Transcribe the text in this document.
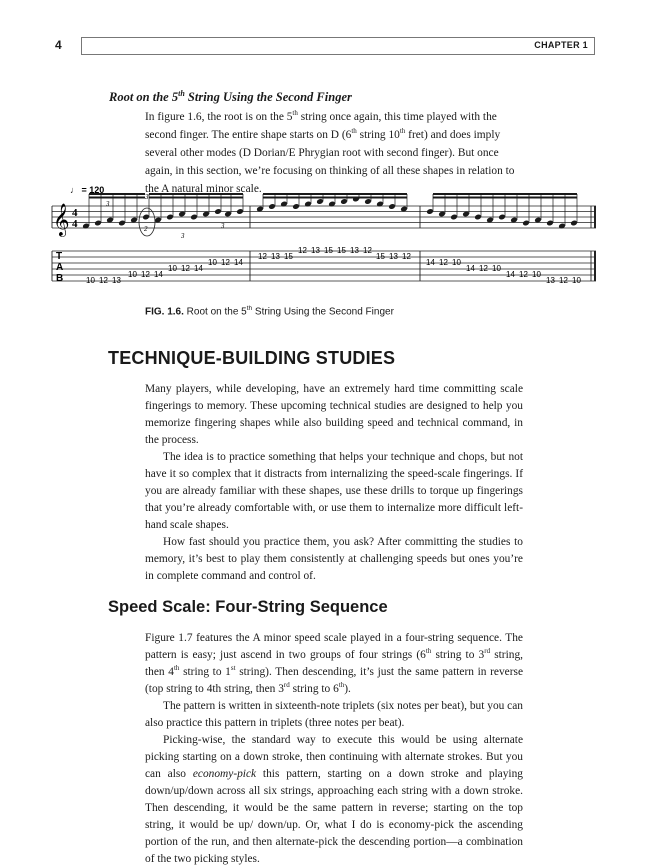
4	CHAPTER 1
Root on the 5th String Using the Second Finger

In figure 1.6, the root is on the 5th string once again, this time played with the second finger. The entire shape starts on D (6th string 10th fret) and does imply several other modes (D Dorian/E Phrygian root with second finger). But once again, in this section, we’re focusing on thinking of all these shapes in relation to the A natural minor scale.

♩ = 120
𝄞 4
4
T
A
B	10 12 13
10 12 14
10 12 14
10 12 14
12 13 15
12 13 15 15 13 12
15 13 12
14 12 10
14 12 10
14 12 10
13 12 10
3
3
3
3
2
FIG. 1.6. Root on the 5th String Using the Second Finger
TECHNIQUE-BUILDING STUDIES

Many players, while developing, have an extremely hard time committing scale fingerings to memory. These upcoming technical studies are designed to help you memorize fingering shapes while also building speed and technical command, in the process.

The idea is to practice something that helps your technique and chops, but not have it so complex that it distracts from internalizing the speed-scale fingerings. If you are already familiar with these shapes, use these drills to torque up fingerings that you’re already comfortable with, or use them to internalize more difficult left-hand scale shapes.

How fast should you practice them, you ask? After committing the studies to memory, it’s best to play them consistently at challenging speeds but ones you’re in complete command and control of.

Speed Scale: Four-String Sequence

Figure 1.7 features the A minor speed scale played in a four-string sequence. The pattern is easy; just ascend in two groups of four strings (6th string to 3rd string, then 4th string to 1st string). Then descending, it’s just the same pattern in reverse (top string to 4th string, then 3rd string to 6th).

The pattern is written in sixteenth-note triplets (six notes per beat), but you can also practice this pattern in triplets (three notes per beat).

Picking-wise, the standard way to execute this would be using alternate picking starting on a down stroke, then continuing with alternate strokes. But you can also economy-pick this pattern, starting on a down stroke and playing down/up/down across all six strings, approaching each string with a down stroke. Then descending, it would be the same pattern in reverse; starting on the top string, it would be up/ down/up. Or, what I do is economy-pick the ascending portion of the run, and then alternate-pick the descending portion—a combination of the two picking styles.
